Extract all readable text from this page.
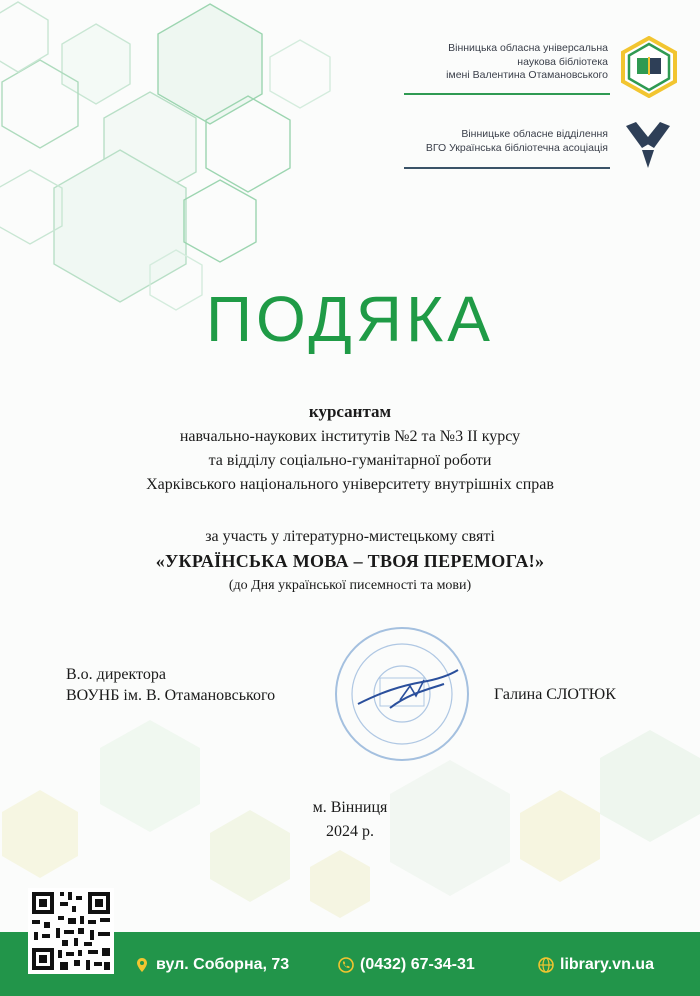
Вінницька обласна універсальна
наукова бібліотека
імені Валентина Отамановського
Вінницьке обласне відділення
ВГО Українська бібліотечна асоціація
ПОДЯКА
курсантам
навчально-наукових інститутів №2 та №3 ІІ курсу
та відділу соціально-гуманітарної роботи
Харківського національного університету внутрішніх справ
за участь у літературно-мистецькому святі
«УКРАЇНСЬКА МОВА – ТВОЯ ПЕРЕМОГА!»
(до Дня української писемності та мови)
В.о. директора
ВОУНБ ім. В. Отамановського	Галина СЛОТЮК
м. Вінниця
2024 р.
вул. Соборна, 73	(0432) 67-34-31	library.vn.ua
